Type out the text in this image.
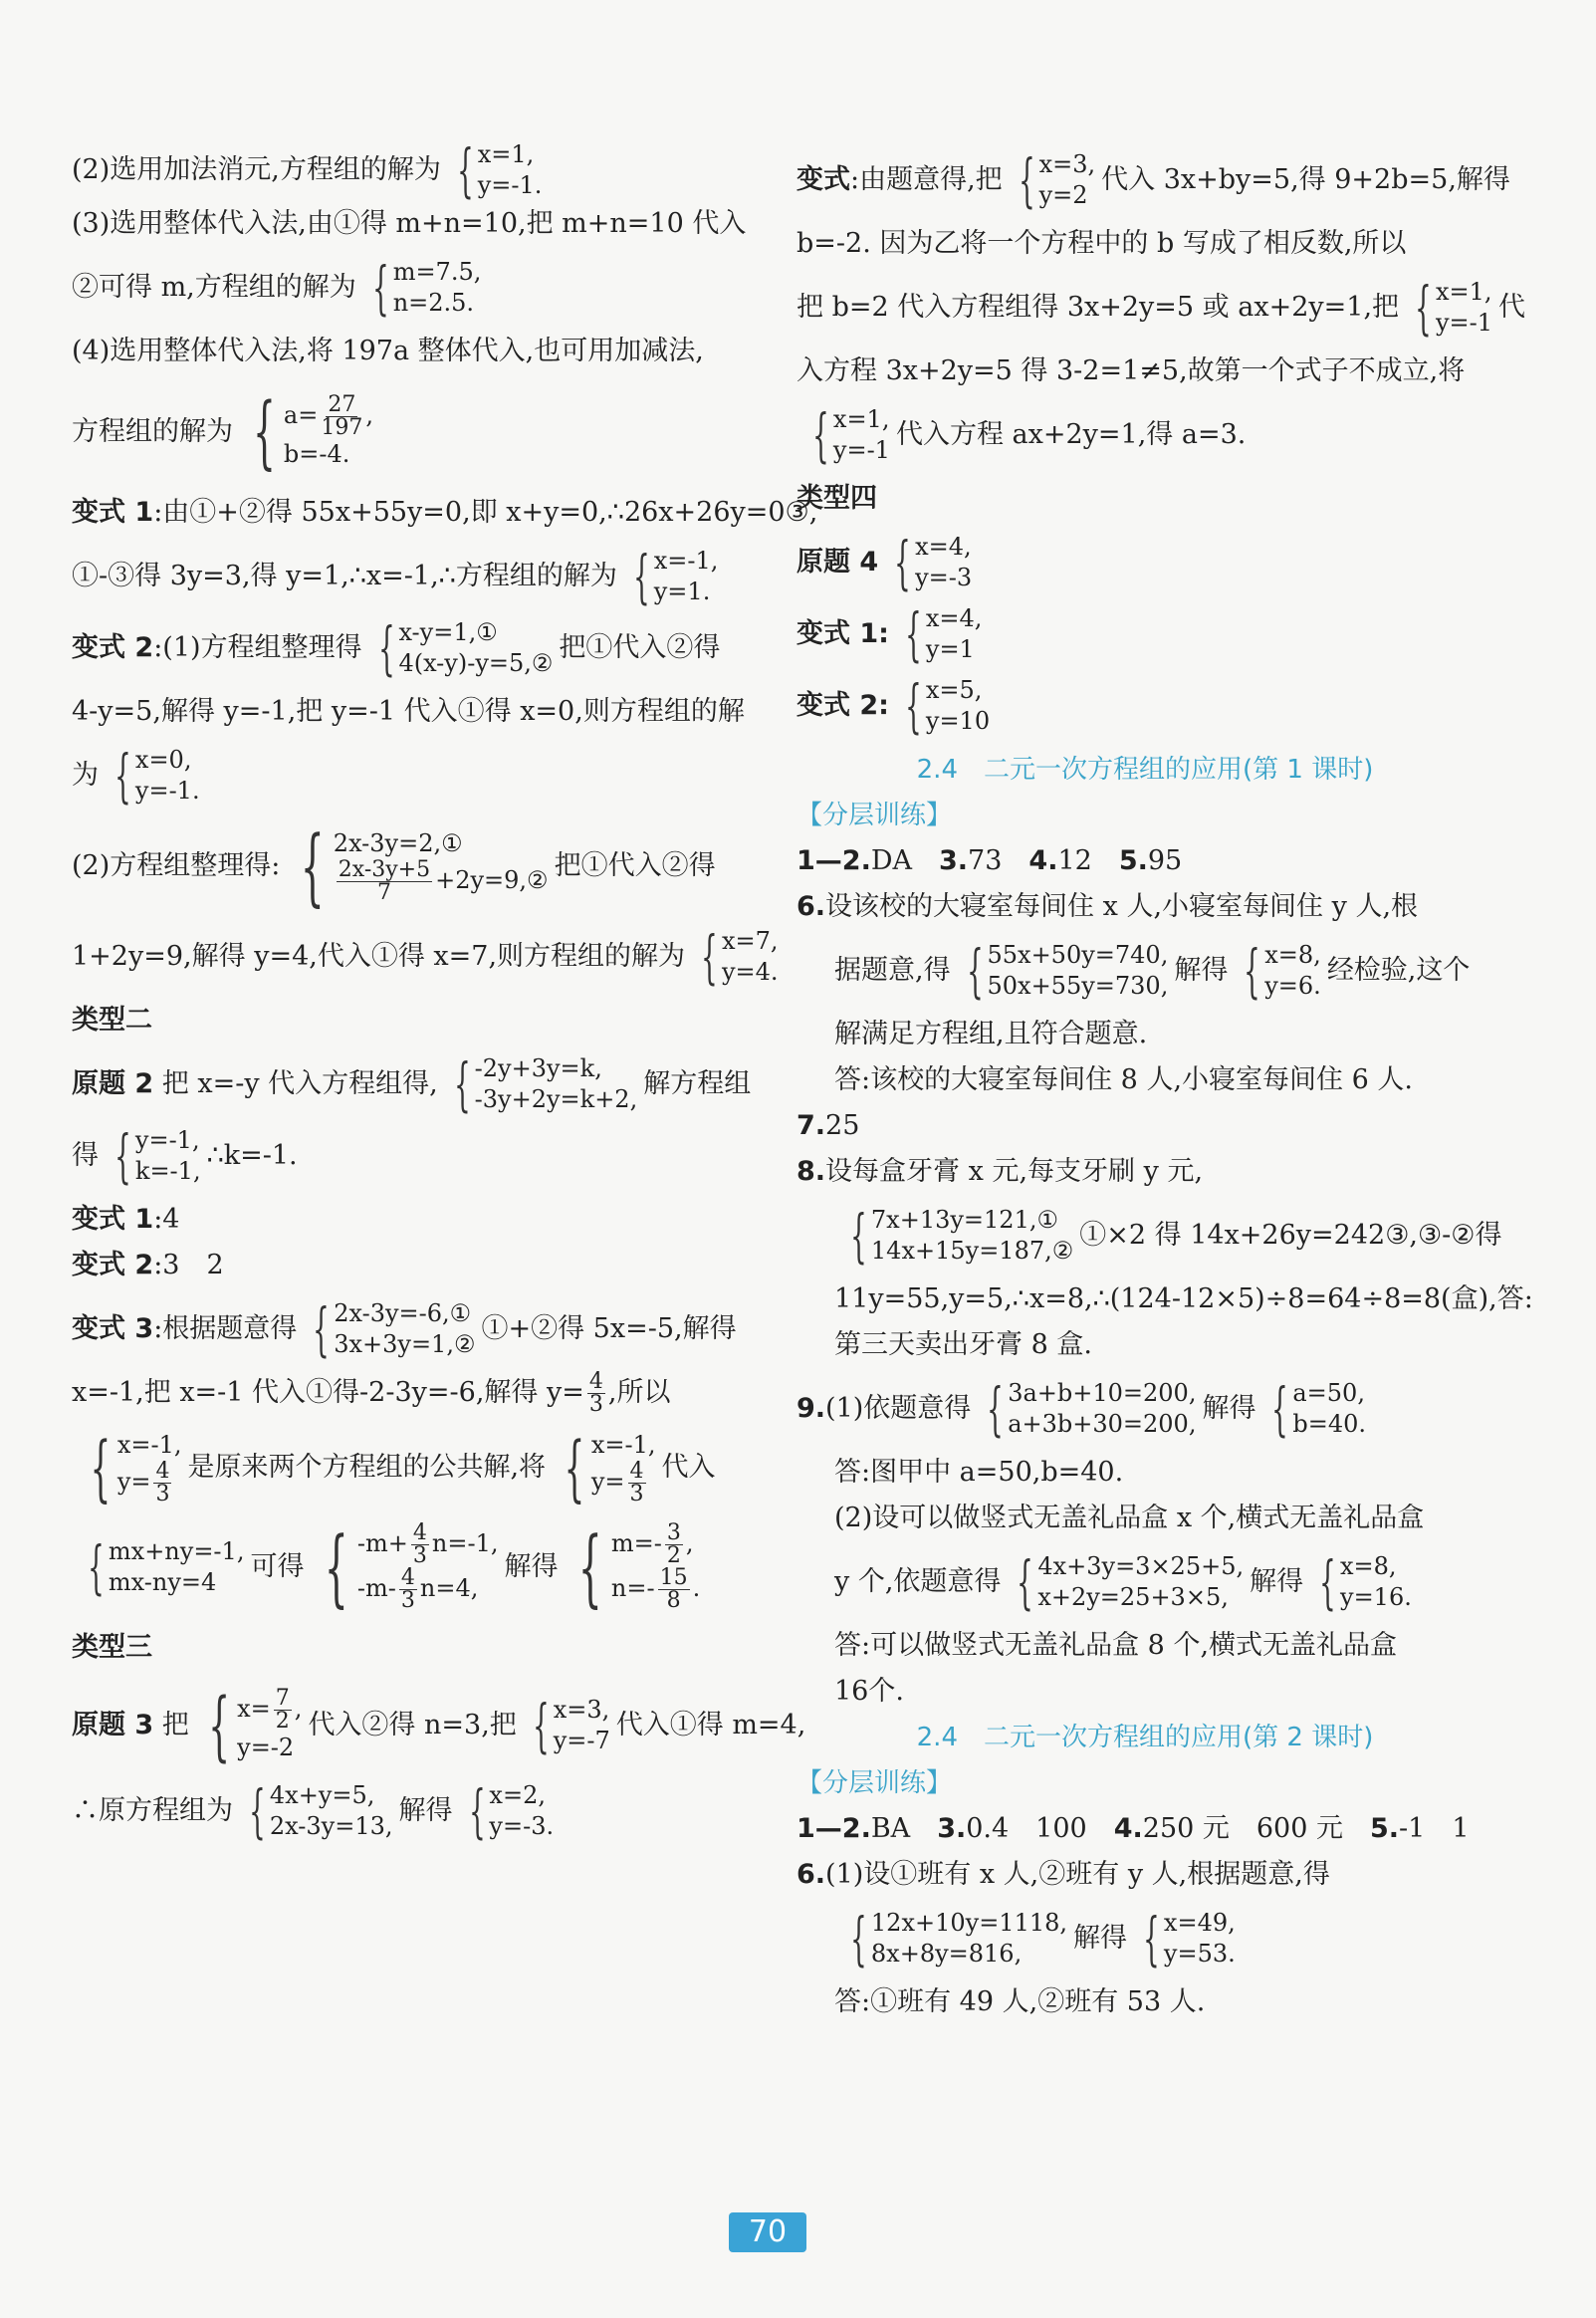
(2)选用加法消元,方程组的解为 { x=1,
y=-1.
(3)选用整体代入法,由①得 m+n=10,把 m+n=10 代入
②可得 m,方程组的解为 { m=7.5,
n=2.5.
(4)选用整体代入法,将 197a 整体代入,也可用加减法,
方程组的解为 { $a= \frac{27}{197}$ ,
b=-4.
变式 1 :由①+②得 55x+55y=0,即 x+y=0,∴26x+26y=0③,
①-③得 3y=3,得 y=1,∴x=-1,∴方程组的解为 { x=-1,
y=1.
变式 2 :(1)方程组整理得 { x-y=1,①
4(x-y)-y=5,② 把①代入②得
4-y=5,解得 y=-1,把 y=-1 代入①得 x=0,则方程组的解
为 { x=0,
y=-1.
(2)方程组整理得: { 2x-3y=2,①
$\frac{2x-3y+5}{7}$ +2y=9,② 把①代入②得
1+2y=9,解得 y=4,代入①得 x=7,则方程组的解为 { x=7,
y=4.
类型二
原题 2
把 x=-y 代入方程组得, { -2y+3y=k,
-3y+2y=k+2, 解方程组
得 { y=-1,
k=-1, ∴k=-1.
变式 1 :4
变式 2 :3　2
变式 3 :根据题意得 { 2x-3y=-6,①
3x+3y=1,② ①+②得 5x=-5,解得
x=-1,把 x=-1 代入①得-2-3y=-6,解得 $y= \frac{4}{3}$ ,所以
{ x=-1,
$y= \frac{4}{3}$ 是原来两个方程组的公共解,将 { x=-1,
$y= \frac{4}{3}$ 代入
{ mx+ny=-1,
mx-ny=4	可得 { $-m+ \frac{4}{3} n=-1$,
$-m- \frac{4}{3} n=4$,
解得 { $m=- \frac{3}{2}$ ,
$n=- \frac{15}{8}$ .
类型三
原题 3
把 { $x= \frac{7}{2}$ ,
y=-2
代入②得 n=3,把 { x=3,
y=-7 代入①得 m=4,
∴原方程组为 { 4x+y=5,
2x-3y=13, 解得 { x=2,
y=-3.
变式 :由题意得,把 { x=3,
y=2 代入 3x+by=5,得 9+2b=5,解得
b=-2. 因为乙将一个方程中的 b 写成了相反数,所以
把 b=2 代入方程组得 3x+2y=5 或 ax+2y=1,把 { x=1,
y=-1 代
入方程 3x+2y=5 得 3-2=1≠5,故第一个式子不成立,将
{ x=1,
y=-1 代入方程 ax+2y=1,得 a=3.
类型四
原题 4 { x=4,
y=-3
变式 1: { x=4,
y=1
变式 2: { x=5,
y=10
2.4　二元一次方程组的应用(第 1 课时)
【分层训练】
1—2. DA　 3. 73　 4. 12　 5. 95
6. 设该校的大寝室每间住 x 人,小寝室每间住 y 人,根
据题意,得 { 55x+50y=740,
50x+55y=730, 解得 { x=8,
y=6. 经检验,这个
解满足方程组,且符合题意.
答:该校的大寝室每间住 8 人,小寝室每间住 6 人.
7. 25
8. 设每盒牙膏 x 元,每支牙刷 y 元,
{ 7x+13y=121,①
14x+15y=187,② ①×2 得 14x+26y=242③,③-②得
11y=55,y=5,∴x=8,∴(124-12×5)÷8=64÷8=8(盒),答:
第三天卖出牙膏 8 盒.
9. (1)依题意得 { 3a+b+10=200,
a+3b+30=200, 解得 { a=50,
b=40.
答:图甲中 a=50,b=40.
(2)设可以做竖式无盖礼品盒 x 个,横式无盖礼品盒
y 个,依题意得 { 4x+3y=3×25+5,
x+2y=25+3×5, 解得 { x=8,
y=16.
答:可以做竖式无盖礼品盒 8 个,横式无盖礼品盒
16个.
2.4　二元一次方程组的应用(第 2 课时)
【分层训练】
1—2. BA　 3. 0.4　100　 4. 250 元　600 元　 5. -1　1
6. (1)设①班有 x 人,②班有 y 人,根据题意,得
{ 12x+10y=1118,
8x+8y=816,	解得 { x=49,
y=53.
答:①班有 49 人,②班有 53 人.
70
